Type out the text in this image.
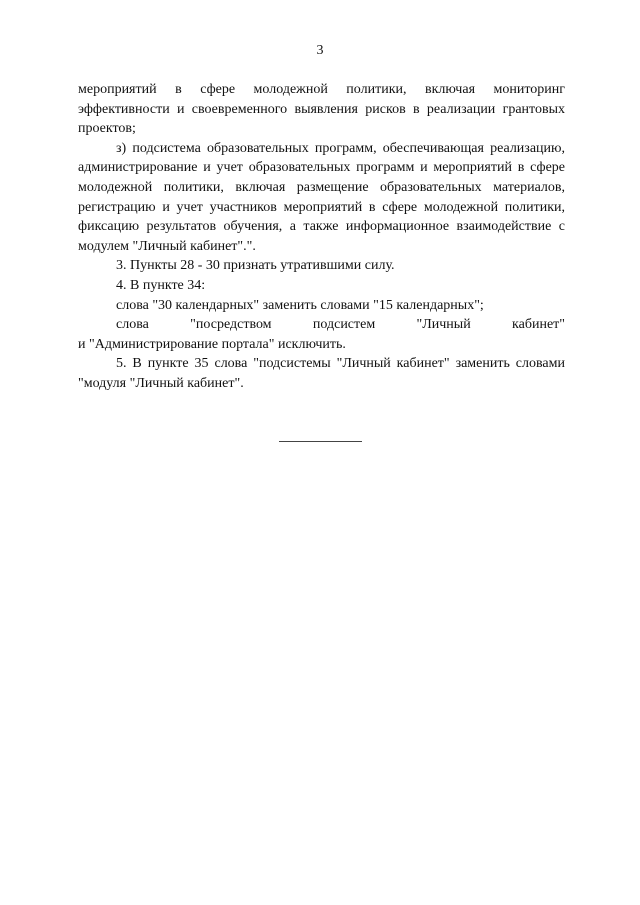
3

мероприятий в сфере молодежной политики, включая мониторинг эффективности и своевременного выявления рисков в реализации грантовых проектов;

з) подсистема образовательных программ, обеспечивающая реализацию, администрирование и учет образовательных программ и мероприятий в сфере молодежной политики, включая размещение образовательных материалов, регистрацию и учет участников мероприятий в сфере молодежной политики, фиксацию результатов обучения, а также информационное взаимодействие с модулем "Личный кабинет".".

3. Пункты 28 - 30 признать утратившими силу.

4. В пункте 34:

слова "30 календарных" заменить словами "15 календарных";

слова "посредством подсистем "Личный кабинет"

и "Администрирование портала" исключить.

5. В пункте 35 слова "подсистемы "Личный кабинет" заменить словами "модуля "Личный кабинет".
